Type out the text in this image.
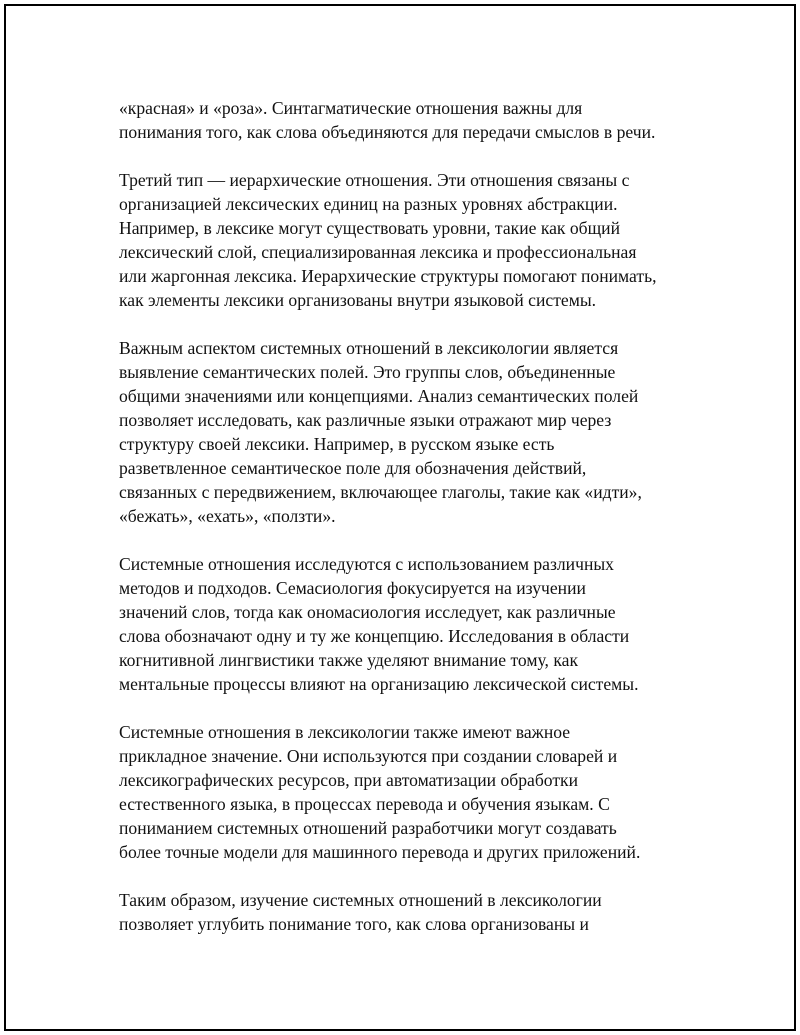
«красная» и «роза». Синтагматические отношения важны для
понимания того, как слова объединяются для передачи смыслов в речи.

Третий тип — иерархические отношения. Эти отношения связаны с
организацией лексических единиц на разных уровнях абстракции.
Например, в лексике могут существовать уровни, такие как общий
лексический слой, специализированная лексика и профессиональная
или жаргонная лексика. Иерархические структуры помогают понимать,
как элементы лексики организованы внутри языковой системы.

Важным аспектом системных отношений в лексикологии является
выявление семантических полей. Это группы слов, объединенные
общими значениями или концепциями. Анализ семантических полей
позволяет исследовать, как различные языки отражают мир через
структуру своей лексики. Например, в русском языке есть
разветвленное семантическое поле для обозначения действий,
связанных с передвижением, включающее глаголы, такие как «идти»,
«бежать», «ехать», «ползти».

Системные отношения исследуются с использованием различных
методов и подходов. Семасиология фокусируется на изучении
значений слов, тогда как ономасиология исследует, как различные
слова обозначают одну и ту же концепцию. Исследования в области
когнитивной лингвистики также уделяют внимание тому, как
ментальные процессы влияют на организацию лексической системы.

Системные отношения в лексикологии также имеют важное
прикладное значение. Они используются при создании словарей и
лексикографических ресурсов, при автоматизации обработки
естественного языка, в процессах перевода и обучения языкам. С
пониманием системных отношений разработчики могут создавать
более точные модели для машинного перевода и других приложений.

Таким образом, изучение системных отношений в лексикологии
позволяет углубить понимание того, как слова организованы и
